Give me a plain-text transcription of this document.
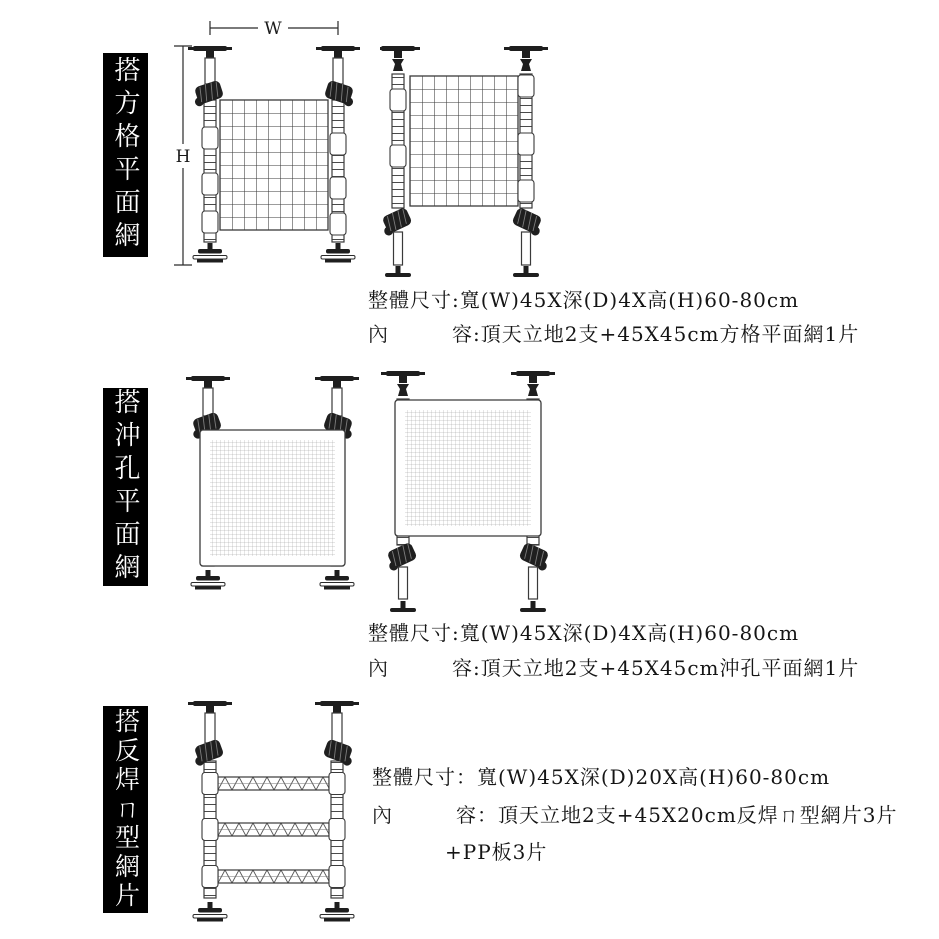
搭方格平面網
W
H
整體尺寸:寬(W)45X深(D)4X高(H)60-80cm
內　　　容:頂天立地2支+45X45cm方格平面網1片
搭沖孔平面網
整體尺寸:寬(W)45X深(D)4X高(H)60-80cm
內　　　容:頂天立地2支+45X45cm沖孔平面網1片
搭反焊ㄇ型網片	整體尺寸：寬(W)45X深(D)20X高(H)60-80cm
內　　　容：頂天立地2支+45X20cm反焊ㄇ型網片3片
+PP板3片
